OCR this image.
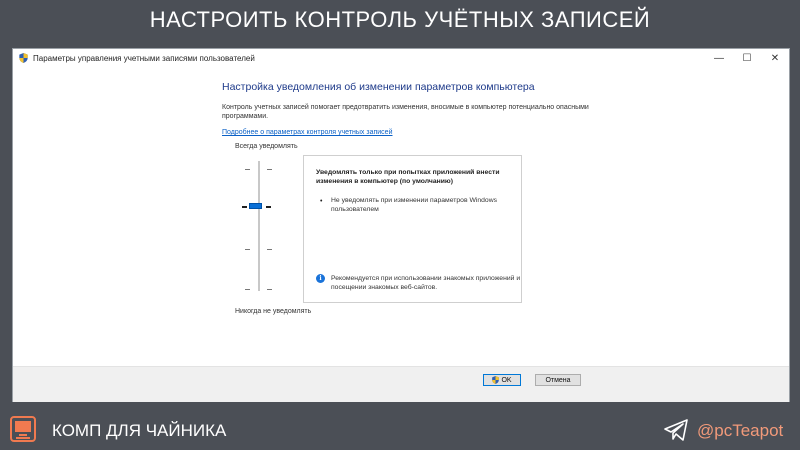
НАСТРОИТЬ КОНТРОЛЬ УЧЁТНЫХ ЗАПИСЕЙ
Параметры управления учетными записями пользователей	—	☐	✕
Настройка уведомления об изменении параметров компьютера
Контроль учетных записей помогает предотвратить изменения, вносимые в компьютер потенциально опасными программами.
Подробнее о параметрах контроля учетных записей
Всегда уведомлять
Никогда не уведомлять
Уведомлять только при попытках приложений внести изменения в компьютер (по умолчанию)
• Не уведомлять при изменении параметров Windows пользователем
i	Рекомендуется при использовании знакомых приложений и посещении знакомых веб-сайтов.
OK	Отмена
КОМП ДЛЯ ЧАЙНИКА	@pcTeapot
